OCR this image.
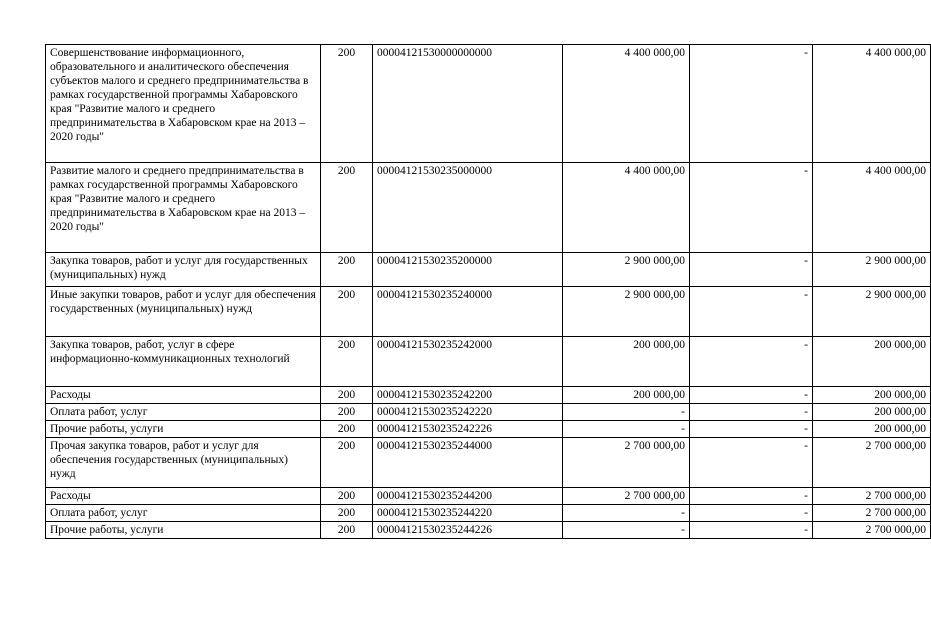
Совершенствование информационного, образовательного и аналитического обеспечения субъектов малого и среднего предпринимательства в рамках государственной программы Хабаровского края "Развитие малого и среднего предпринимательства в Хабаровском крае на 2013 – 2020 годы"	200	00004121530000000000	4 400 000,00	-	4 400 000,00
Развитие малого и среднего предпринимательства в рамках государственной программы Хабаровского края "Развитие малого и среднего предпринимательства в Хабаровском крае на 2013 – 2020 годы"	200	00004121530235000000	4 400 000,00	-	4 400 000,00
Закупка товаров, работ и услуг для государственных (муниципальных) нужд	200	00004121530235200000	2 900 000,00	-	2 900 000,00
Иные закупки товаров, работ и услуг для обеспечения государственных (муниципальных) нужд	200	00004121530235240000	2 900 000,00	-	2 900 000,00
Закупка товаров, работ, услуг в сфере информационно-коммуникационных технологий	200	00004121530235242000	200 000,00	-	200 000,00
Расходы	200	00004121530235242200	200 000,00	-	200 000,00
Оплата работ, услуг	200	00004121530235242220	-	-	200 000,00
Прочие работы, услуги	200	00004121530235242226	-	-	200 000,00
Прочая закупка товаров, работ и услуг для обеспечения государственных (муниципальных) нужд	200	00004121530235244000	2 700 000,00	-	2 700 000,00
Расходы	200	00004121530235244200	2 700 000,00	-	2 700 000,00
Оплата работ, услуг	200	00004121530235244220	-	-	2 700 000,00
Прочие работы, услуги	200	00004121530235244226	-	-	2 700 000,00
